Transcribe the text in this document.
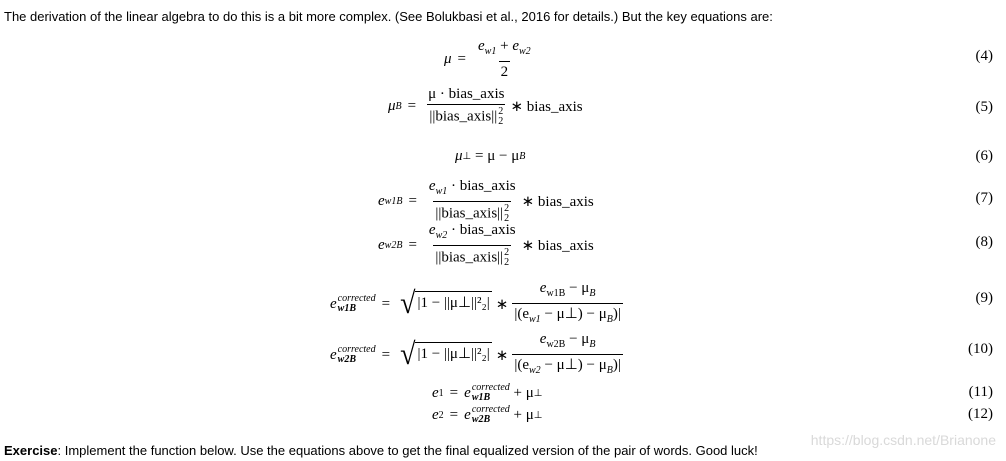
The derivation of the linear algebra to do this is a bit more complex. (See Bolukbasi et al., 2016 for details.) But the key equations are:
$\mu = \frac{e_{w1} + e_{w2}}{2}$	(4)
μ B = μ · bias_axis
||bias_axis|| 2
2 ∗ bias_axis	(5)
μ ⊥
= μ − μ B	(6)
e $w1B = e_{w1}$ · bias_axis
||bias_axis|| 2
2 ∗ bias_axis	(7)
e $w2B = e_{w2}$ · bias_axis
||bias_axis|| 2
2 ∗ bias_axis	(8)
e corrected
w1B	= √ |1 − ||μ⊥||²₂| ∗ $\frac{e_{w1B} - \mu_B}{|(e_{w1} - \mu\perp) - \mu_B)|}$	(9)
e corrected
w2B	= √ |1 − ||μ⊥||²₂| ∗ $\frac{e_{w2B} - \mu_B}{|(e_{w2} - \mu\perp) - \mu_B)|}$	(10)
e 1 = e corrected
w1B
	+ μ ⊥	(11)
e 2 = e corrected
w2B
	+ μ ⊥	(12)
Exercise: Implement the function below. Use the equations above to get the final equalized version of the pair of words. Good luck!
https://blog.csdn.net/Brianone
